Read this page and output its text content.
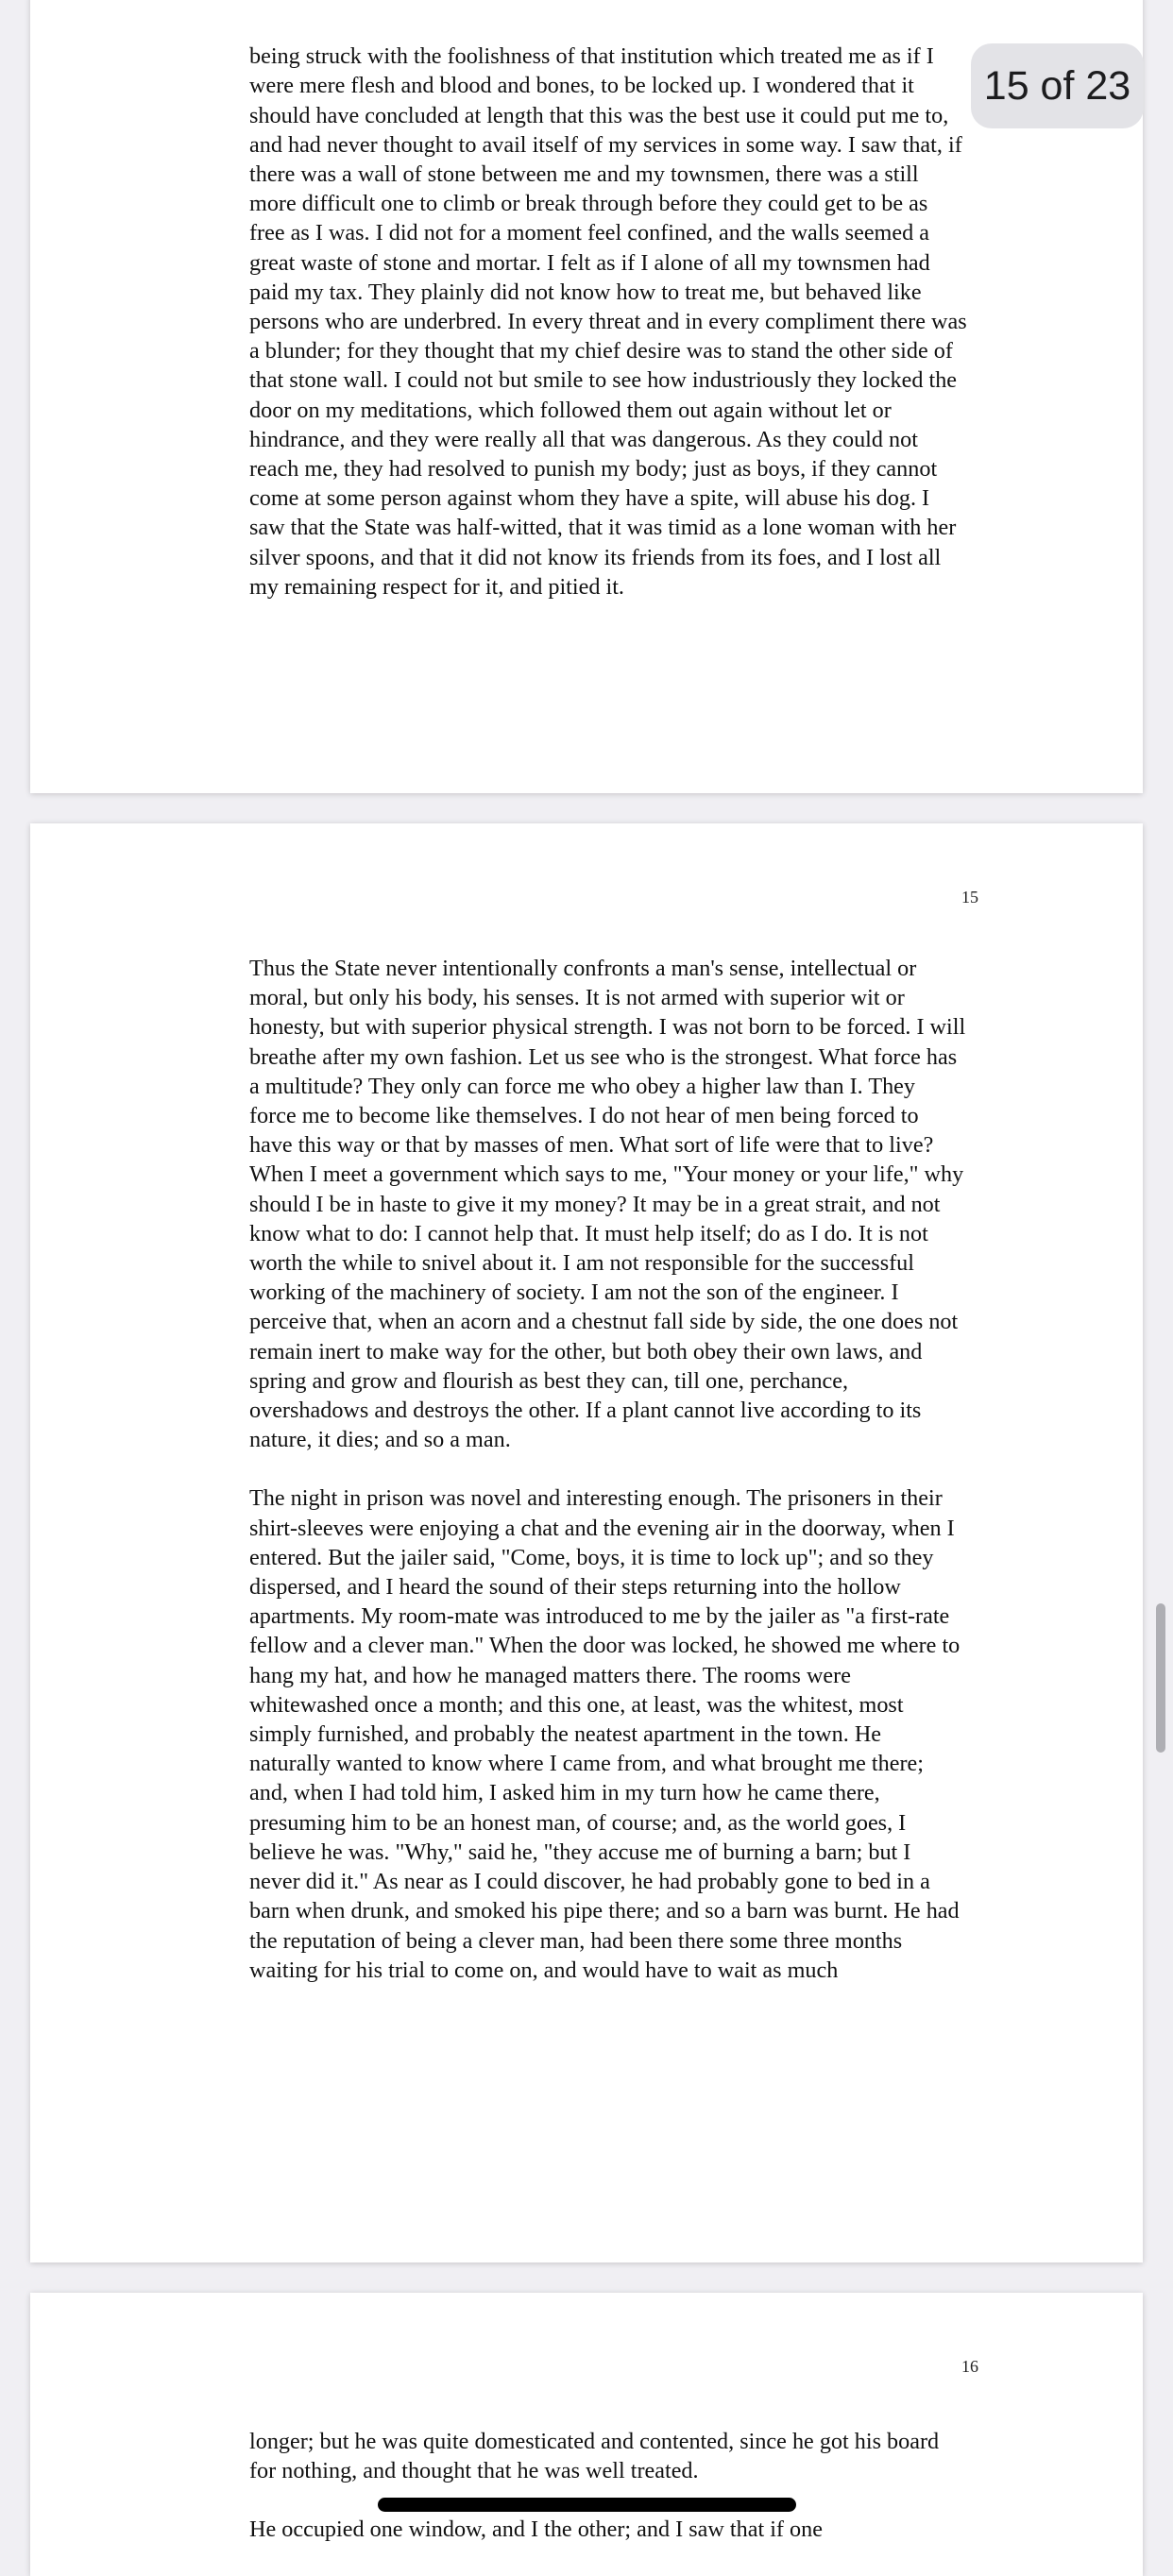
being struck with the foolishness of that institution which treated me as if I were mere flesh and blood and bones, to be locked up. I wondered that it should have concluded at length that this was the best use it could put me to, and had never thought to avail itself of my services in some way. I saw that, if there was a wall of stone between me and my townsmen, there was a still more difficult one to climb or break through before they could get to be as free as I was. I did not for a moment feel confined, and the walls seemed a great waste of stone and mortar. I felt as if I alone of all my townsmen had paid my tax. They plainly did not know how to treat me, but behaved like persons who are underbred. In every threat and in every compliment there was a blunder; for they thought that my chief desire was to stand the other side of that stone wall. I could not but smile to see how industriously they locked the door on my meditations, which followed them out again without let or hindrance, and they were really all that was dangerous. As they could not reach me, they had resolved to punish my body; just as boys, if they cannot come at some person against whom they have a spite, will abuse his dog. I saw that the State was half-witted, that it was timid as a lone woman with her silver spoons, and that it did not know its friends from its foes, and I lost all my remaining respect for it, and pitied it.

15

Thus the State never intentionally confronts a man's sense, intellectual or moral, but only his body, his senses. It is not armed with superior wit or honesty, but with superior physical strength. I was not born to be forced. I will breathe after my own fashion. Let us see who is the strongest. What force has a multitude? They only can force me who obey a higher law than I. They force me to become like themselves. I do not hear of men being forced to have this way or that by masses of men. What sort of life were that to live? When I meet a government which says to me, "Your money or your life," why should I be in haste to give it my money? It may be in a great strait, and not know what to do: I cannot help that. It must help itself; do as I do. It is not worth the while to snivel about it. I am not responsible for the successful working of the machinery of society. I am not the son of the engineer. I perceive that, when an acorn and a chestnut fall side by side, the one does not remain inert to make way for the other, but both obey their own laws, and spring and grow and flourish as best they can, till one, perchance, overshadows and destroys the other. If a plant cannot live according to its nature, it dies; and so a man.

The night in prison was novel and interesting enough. The prisoners in their shirt-sleeves were enjoying a chat and the evening air in the doorway, when I entered. But the jailer said, "Come, boys, it is time to lock up"; and so they dispersed, and I heard the sound of their steps returning into the hollow apartments. My room-mate was introduced to me by the jailer as "a first-rate fellow and a clever man." When the door was locked, he showed me where to hang my hat, and how he managed matters there. The rooms were whitewashed once a month; and this one, at least, was the whitest, most simply furnished, and probably the neatest apartment in the town. He naturally wanted to know where I came from, and what brought me there; and, when I had told him, I asked him in my turn how he came there, presuming him to be an honest man, of course; and, as the world goes, I believe he was. "Why," said he, "they accuse me of burning a barn; but I never did it." As near as I could discover, he had probably gone to bed in a barn when drunk, and smoked his pipe there; and so a barn was burnt. He had the reputation of being a clever man, had been there some three months waiting for his trial to come on, and would have to wait as much

16

longer; but he was quite domesticated and contented, since he got his board for nothing, and thought that he was well treated.

He occupied one window, and I the other; and I saw that if one

15 of 23
